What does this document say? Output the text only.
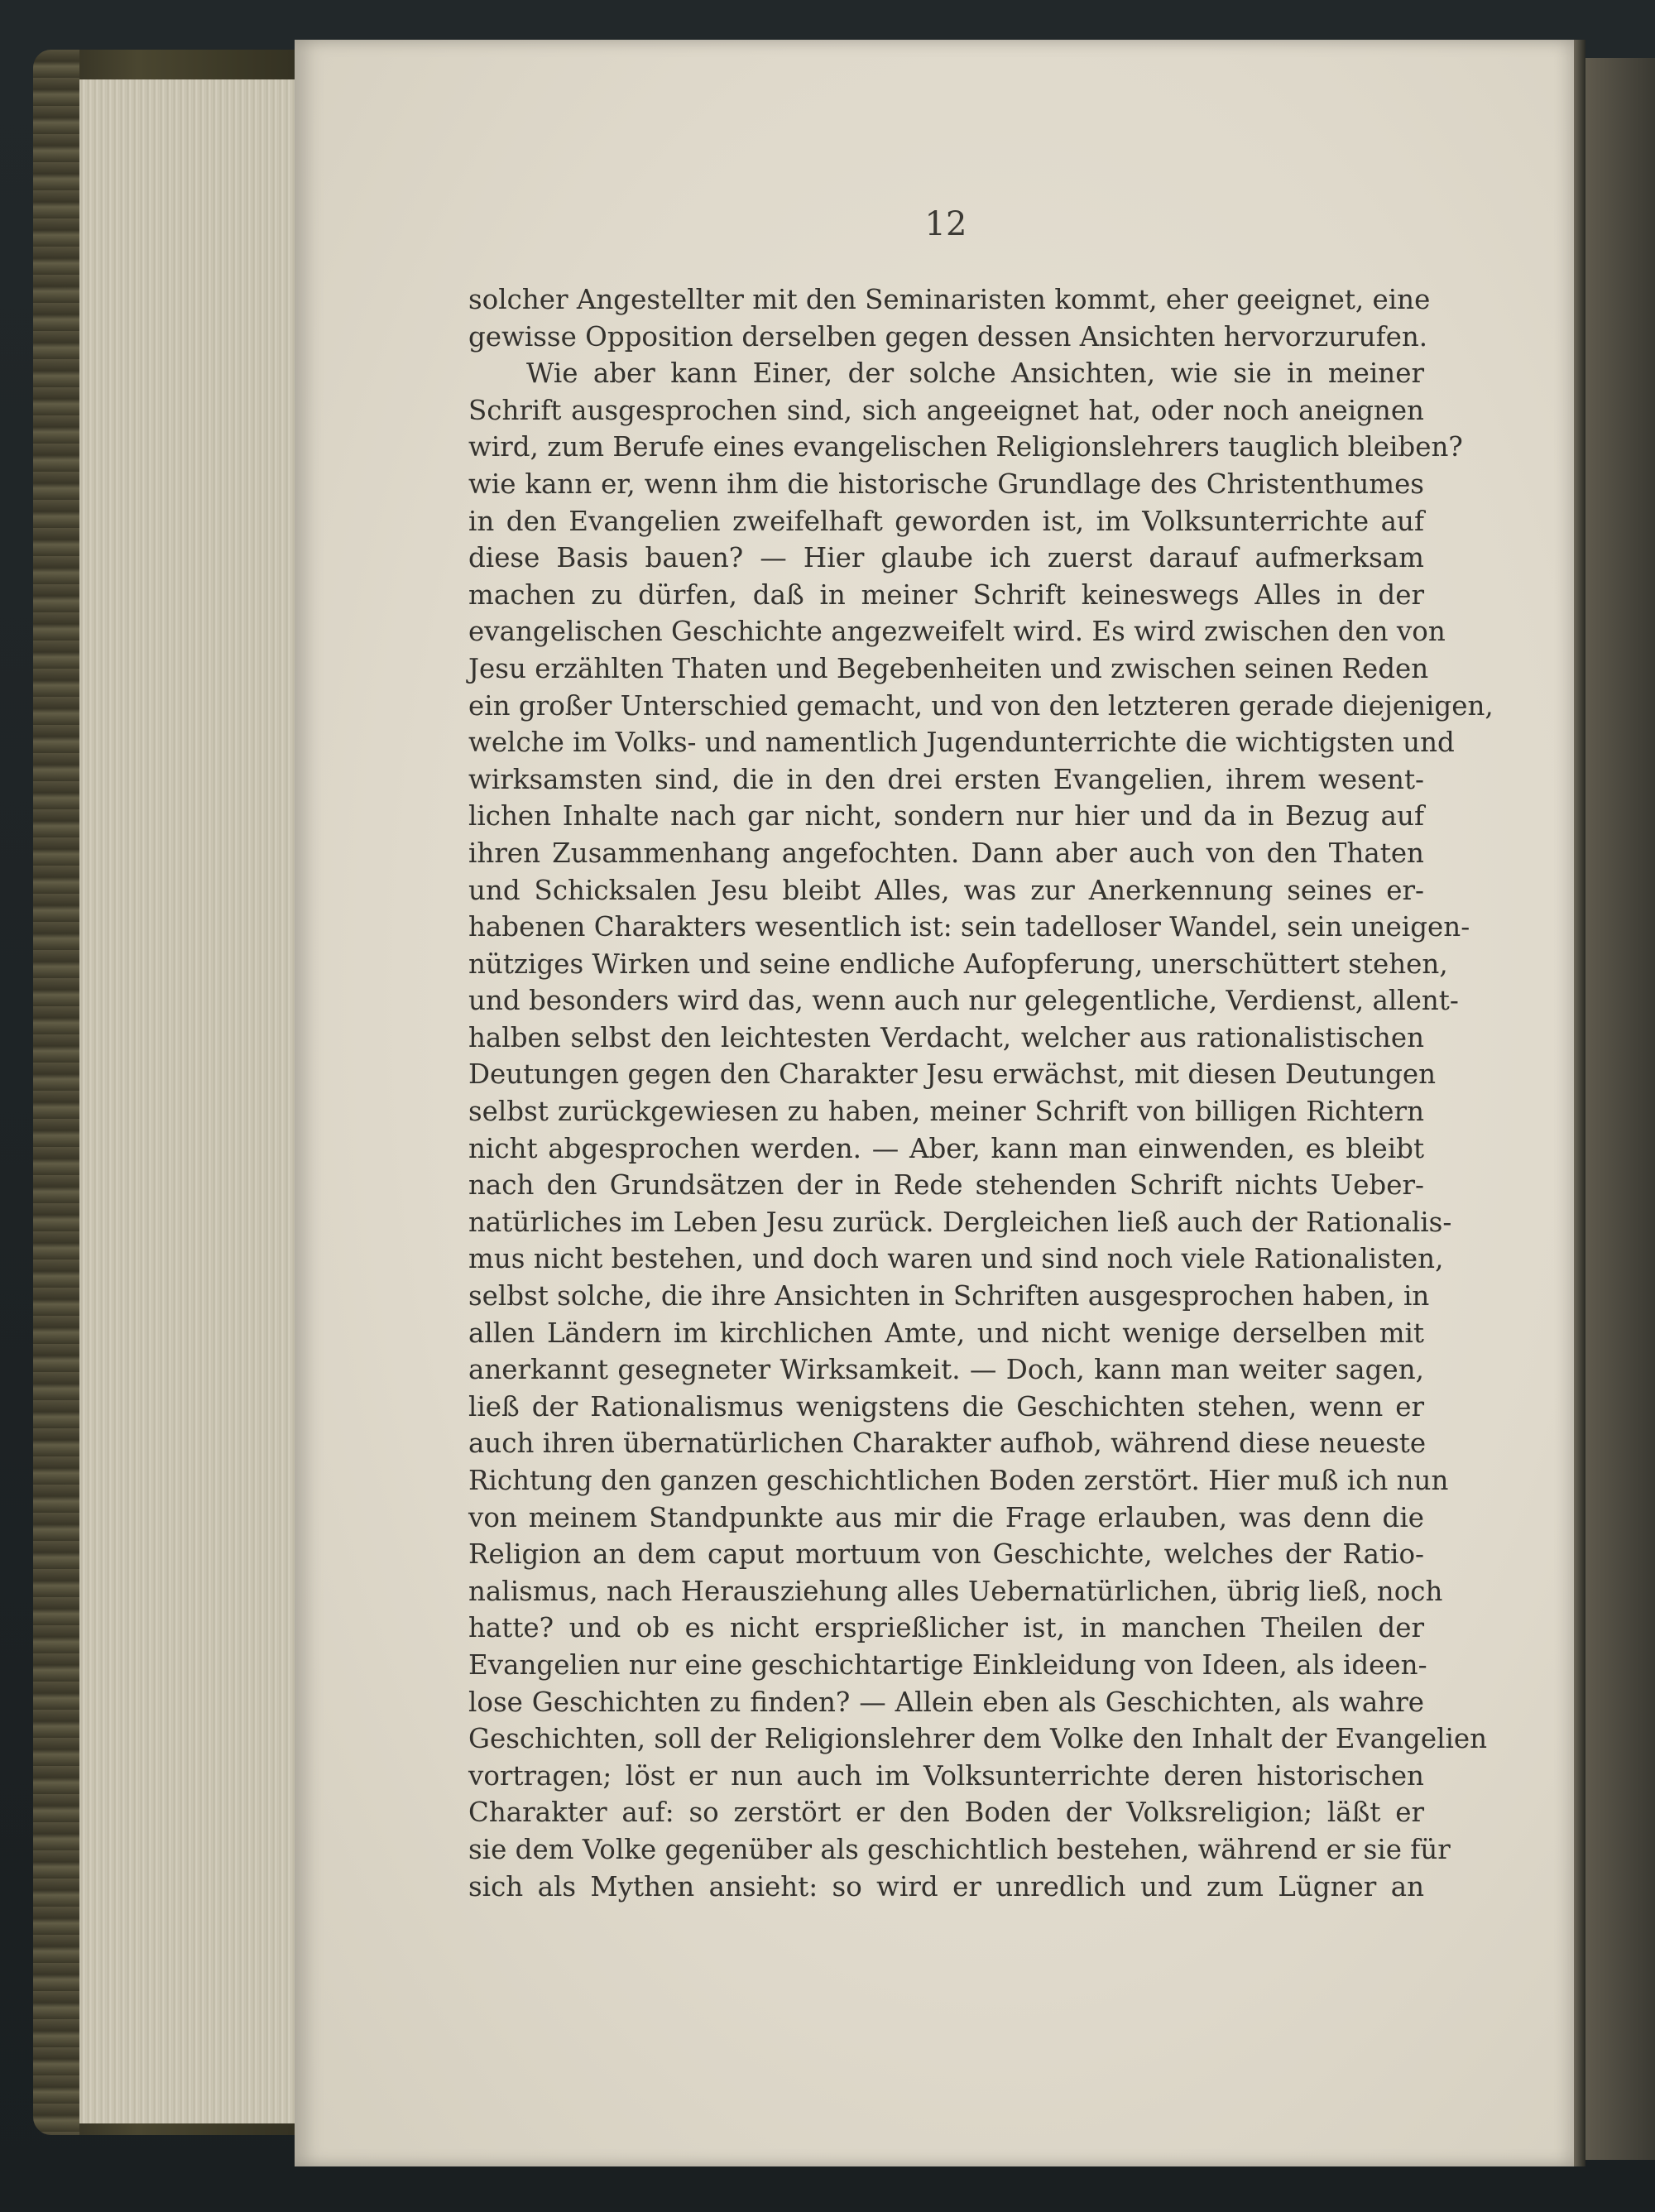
12
solcher Angestellter mit den Seminaristen kommt, eher geeignet, eine
gewisse Opposition derselben gegen dessen Ansichten hervorzurufen.
Wie aber kann Einer, der solche Ansichten, wie sie in meiner
Schrift ausgesprochen sind, sich angeeignet hat, oder noch aneignen
wird, zum Berufe eines evangelischen Religionslehrers tauglich bleiben?
wie kann er, wenn ihm die historische Grundlage des Christenthumes
in den Evangelien zweifelhaft geworden ist, im Volksunterrichte auf
diese Basis bauen? — Hier glaube ich zuerst darauf aufmerksam
machen zu dürfen, daß in meiner Schrift keineswegs Alles in der
evangelischen Geschichte angezweifelt wird. Es wird zwischen den von
Jesu erzählten Thaten und Begebenheiten und zwischen seinen Reden
ein großer Unterschied gemacht, und von den letzteren gerade diejenigen,
welche im Volks- und namentlich Jugendunterrichte die wichtigsten und
wirksamsten sind, die in den drei ersten Evangelien, ihrem wesent-
lichen Inhalte nach gar nicht, sondern nur hier und da in Bezug auf
ihren Zusammenhang angefochten. Dann aber auch von den Thaten
und Schicksalen Jesu bleibt Alles, was zur Anerkennung seines er-
habenen Charakters wesentlich ist: sein tadelloser Wandel, sein uneigen-
nütziges Wirken und seine endliche Aufopferung, unerschüttert stehen,
und besonders wird das, wenn auch nur gelegentliche, Verdienst, allent-
halben selbst den leichtesten Verdacht, welcher aus rationalistischen
Deutungen gegen den Charakter Jesu erwächst, mit diesen Deutungen
selbst zurückgewiesen zu haben, meiner Schrift von billigen Richtern
nicht abgesprochen werden. — Aber, kann man einwenden, es bleibt
nach den Grundsätzen der in Rede stehenden Schrift nichts Ueber-
natürliches im Leben Jesu zurück. Dergleichen ließ auch der Rationalis-
mus nicht bestehen, und doch waren und sind noch viele Rationalisten,
selbst solche, die ihre Ansichten in Schriften ausgesprochen haben, in
allen Ländern im kirchlichen Amte, und nicht wenige derselben mit
anerkannt gesegneter Wirksamkeit. — Doch, kann man weiter sagen,
ließ der Rationalismus wenigstens die Geschichten stehen, wenn er
auch ihren übernatürlichen Charakter aufhob, während diese neueste
Richtung den ganzen geschichtlichen Boden zerstört. Hier muß ich nun
von meinem Standpunkte aus mir die Frage erlauben, was denn die
Religion an dem caput mortuum von Geschichte, welches der Ratio-
nalismus, nach Herausziehung alles Uebernatürlichen, übrig ließ, noch
hatte? und ob es nicht ersprießlicher ist, in manchen Theilen der
Evangelien nur eine geschichtartige Einkleidung von Ideen, als ideen-
lose Geschichten zu finden? — Allein eben als Geschichten, als wahre
Geschichten, soll der Religionslehrer dem Volke den Inhalt der Evangelien
vortragen; löst er nun auch im Volksunterrichte deren historischen
Charakter auf: so zerstört er den Boden der Volksreligion; läßt er
sie dem Volke gegenüber als geschichtlich bestehen, während er sie für
sich als Mythen ansieht: so wird er unredlich und zum Lügner an
